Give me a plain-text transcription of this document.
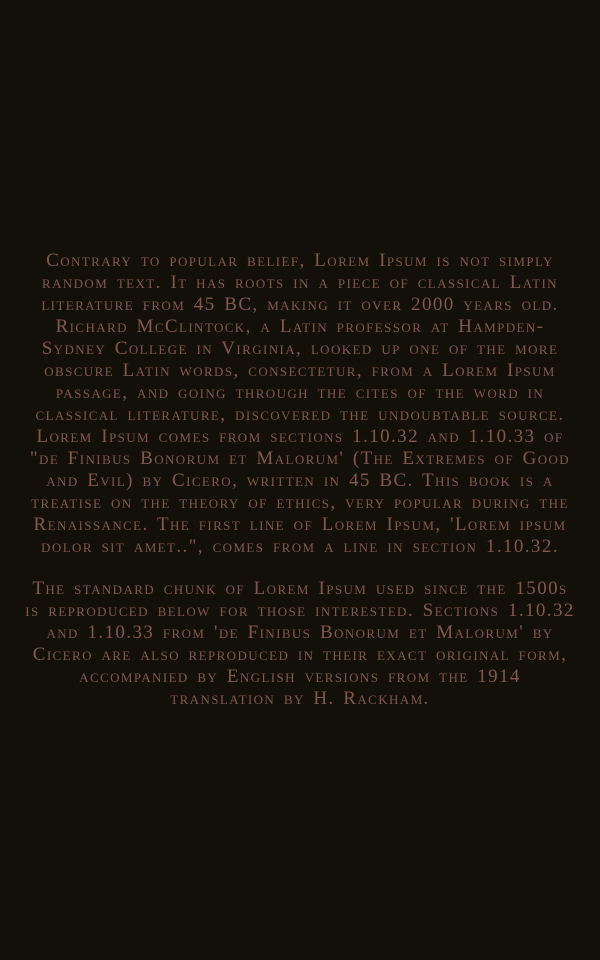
Contrary to popular belief, Lorem Ipsum is not simply random text. It has roots in a piece of classical Latin literature from 45 BC, making it over 2000 years old. Richard McClintock, a Latin professor at Hampden-Sydney College in Virginia, looked up one of the more obscure Latin words, consectetur, from a Lorem Ipsum passage, and going through the cites of the word in classical literature, discovered the undoubtable source. Lorem Ipsum comes from sections 1.10.32 and 1.10.33 of "de Finibus Bonorum et Malorum' (The Extremes of Good and Evil) by Cicero, written in 45 BC. This book is a treatise on the theory of ethics, very popular during the Renaissance. The first line of Lorem Ipsum, 'Lorem ipsum dolor sit amet..", comes from a line in section 1.10.32.

The standard chunk of Lorem Ipsum used since the 1500s is reproduced below for those interested. Sections 1.10.32 and 1.10.33 from 'de Finibus Bonorum et Malorum' by Cicero are also reproduced in their exact original form, accompanied by English versions from the 1914 translation by H. Rackham.
